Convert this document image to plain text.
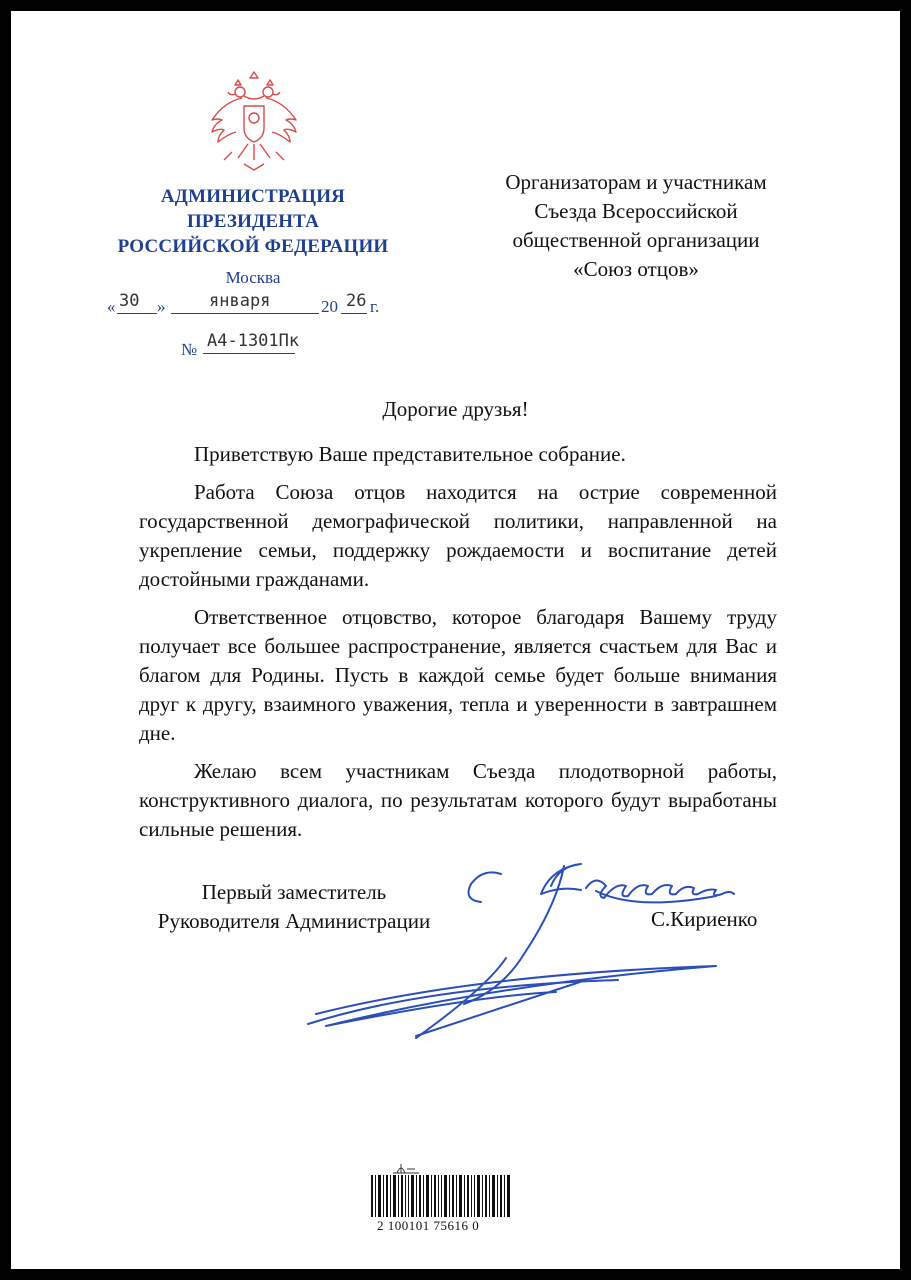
АДМИНИСТРАЦИЯ
ПРЕЗИДЕНТА
РОССИЙСКОЙ ФЕДЕРАЦИИ
Москва
« 30 »	января	20 26 г.
№ А4-1301Пк
Организаторам и участникам
Съезда Всероссийской
общественной организации
«Союз отцов»
Дорогие друзья!

Приветствую Ваше представительное собрание.

Работа Союза отцов находится на острие современной государственной демографической политики, направленной на укрепление семьи, поддержку рождаемости и воспитание детей достойными гражданами.

Ответственное отцовство, которое благодаря Вашему труду получает все большее распространение, является счастьем для Вас и благом для Родины. Пусть в каждой семье будет больше внимания друг к другу, взаимного уважения, тепла и уверенности в завтрашнем дне.

Желаю всем участникам Съезда плодотворной работы, конструктивного диалога, по результатам которого будут выработаны сильные решения.

Первый заместитель
Руководителя Администрации	С.Кириенко
2 100101 75616 0
